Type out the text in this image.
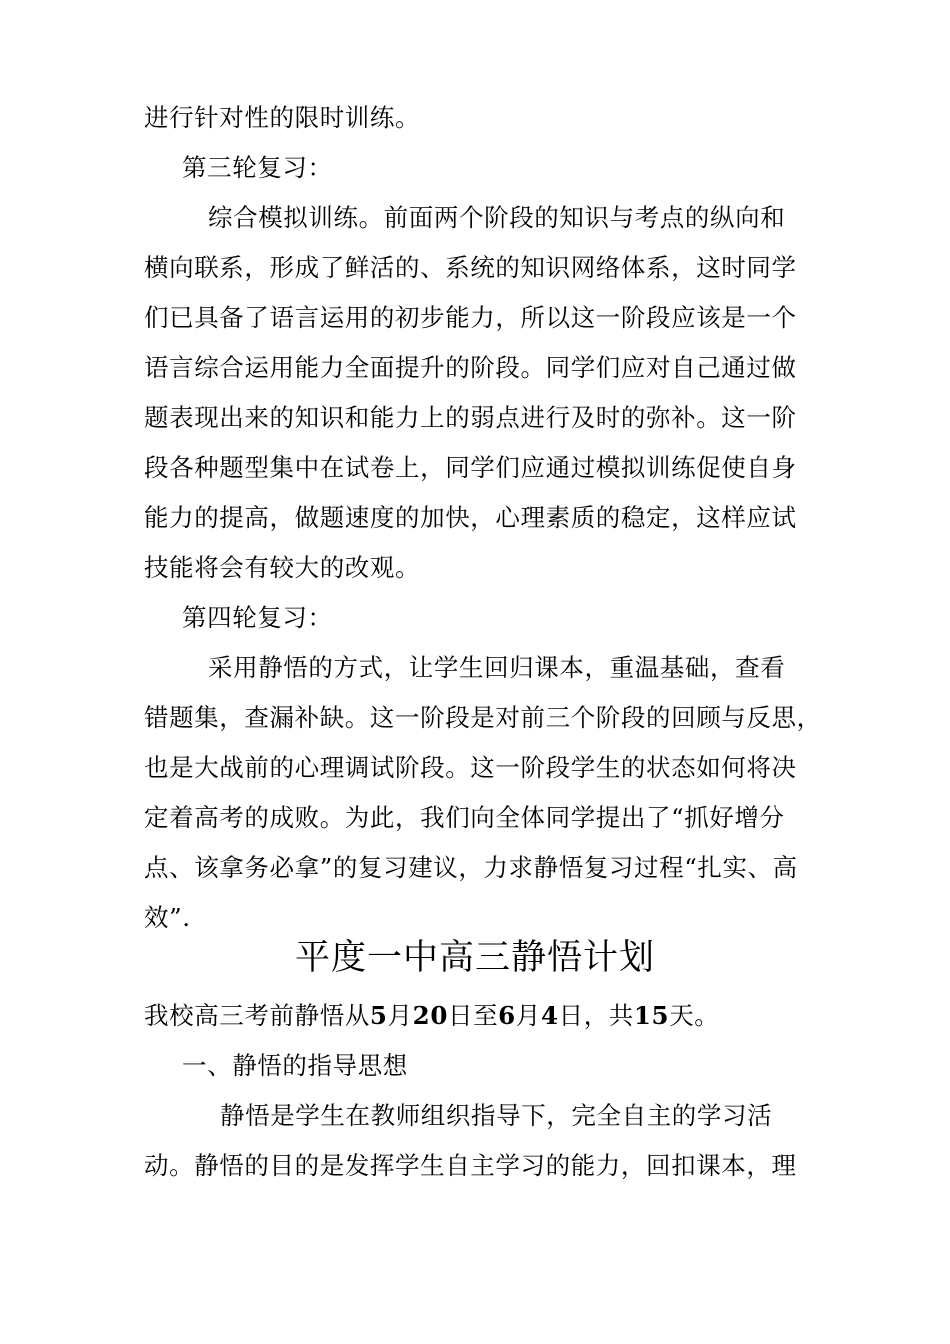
进行针对性的限时训练。
第三轮复习：
综合模拟训练。前面两个阶段的知识与考点的纵向和
横向联系，形成了鲜活的、系统的知识网络体系，这时同学
们已具备了语言运用的初步能力，所以这一阶段应该是一个
语言综合运用能力全面提升的阶段。同学们应对自己通过做
题表现出来的知识和能力上的弱点进行及时的弥补。这一阶
段各种题型集中在试卷上，同学们应通过模拟训练促使自身
能力的提高，做题速度的加快，心理素质的稳定，这样应试
技能将会有较大的改观。
第四轮复习：
采用静悟的方式，让学生回归课本，重温基础，查看
错题集，查漏补缺。这一阶段是对前三个阶段的回顾与反思，
也是大战前的心理调试阶段。这一阶段学生的状态如何将决
定着高考的成败。为此，我们向全体同学提出了“抓好增分
点、该拿务必拿”的复习建议，力求静悟复习过程“扎实、高
效”.
平度一中高三静悟计划
我校高三考前静悟从5月20日至6月4日，共15天。
一、静悟的指导思想
静悟是学生在教师组织指导下，完全自主的学习活
动。静悟的目的是发挥学生自主学习的能力，回扣课本，理
